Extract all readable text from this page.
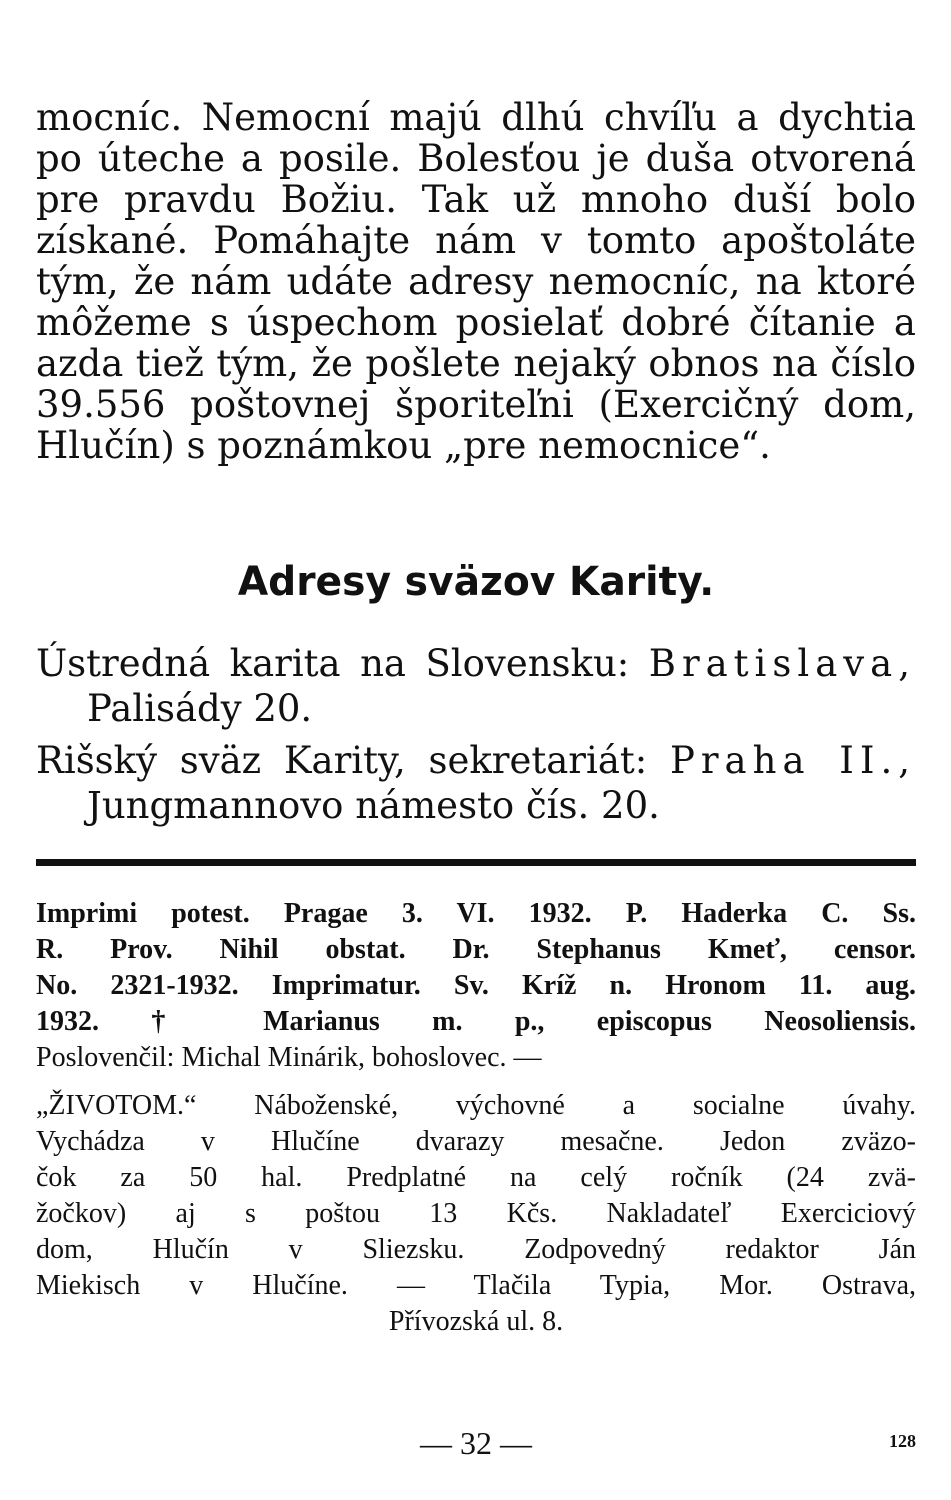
mocníc. Nemocní majú dlhú chvíľu a dychtia
po úteche a posile. Bolesťou je duša otvorená
pre pravdu Božiu. Tak už mnoho duší bolo
získané. Pomáhajte nám v tomto apoštoláte
tým, že nám udáte adresy nemocníc, na ktoré
môžeme s úspechom posielať dobré čítanie a
azda tiež tým, že pošlete nejaký obnos na číslo
39.556 poštovnej šporiteľni (Exercičný dom,
Hlučín) s poznámkou „pre nemocnice“.
Adresy sväzov Karity.
Ústredná karita na Slovensku: Bratislava,
Palisády 20.
Rišský sväz Karity, sekretariát: Praha II.,
Jungmannovo námesto čís. 20.
Imprimi potest. Pragae 3. VI. 1932. P. Haderka C. Ss.
R. Prov. Nihil obstat. Dr. Stephanus Kmeť, censor.
No. 2321-1932. Imprimatur. Sv. Kríž n. Hronom 11. aug.
1932. † Marianus m. p., episcopus Neosoliensis.
Poslovenčil: Michal Minárik, bohoslovec. —
„ŽIVOTOM.“ Náboženské, výchovné a socialne úvahy.
Vychádza v Hlučíne dvarazy mesačne. Jedon zväzo-
čok za 50 hal. Predplatné na celý ročník (24 zvä-
žočkov) aj s poštou 13 Kčs. Nakladateľ Exerciciový
dom, Hlučín v Sliezsku. Zodpovedný redaktor Ján
Miekisch v Hlučíne. — Tlačila Typia, Mor. Ostrava,
Přívozská ul. 8.
— 32 —	128
